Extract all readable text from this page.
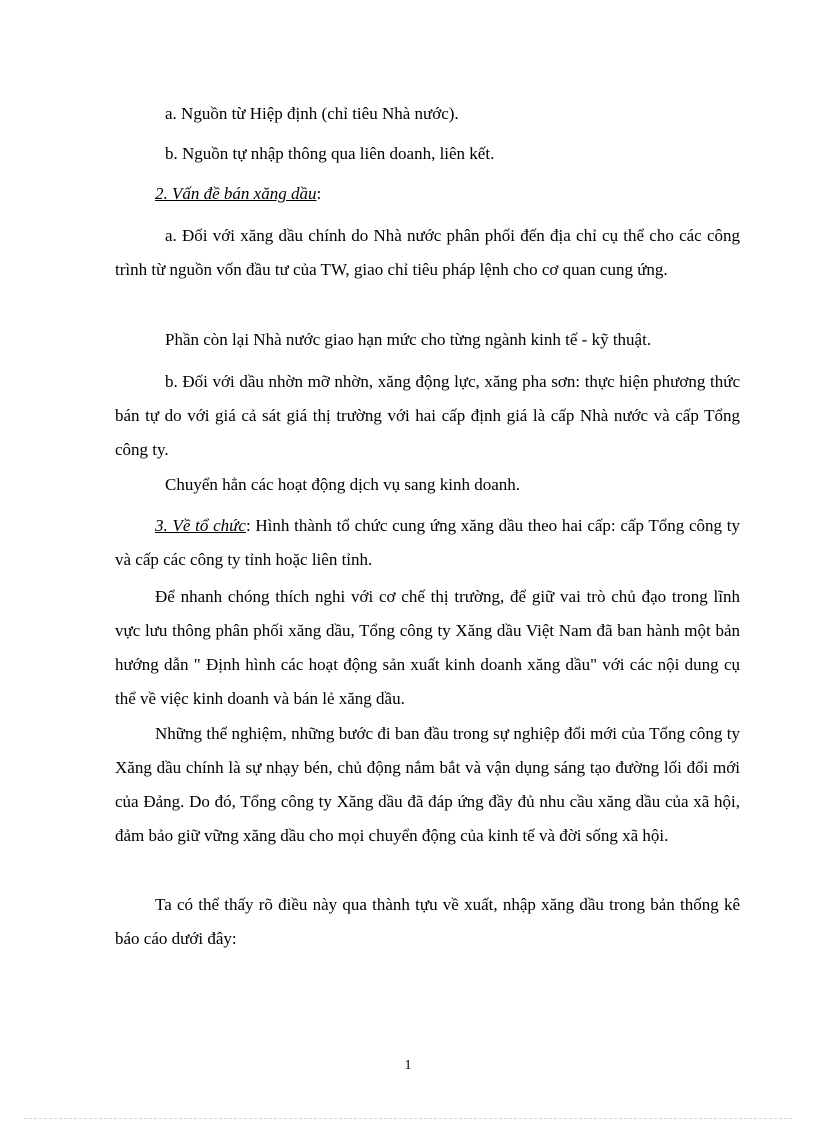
a. Nguồn từ Hiệp định (chỉ tiêu Nhà nước).

b. Nguồn tự nhập thông qua liên doanh, liên kết.

2. Vấn đề bán xăng dầu:

a. Đối với xăng dầu chính do Nhà nước phân phối đến địa chỉ cụ thể cho các công trình từ nguồn vốn đầu tư của TW, giao chỉ tiêu pháp lệnh cho cơ quan cung ứng.

Phần còn lại Nhà nước giao hạn mức cho từng ngành kinh tế - kỹ thuật.

b. Đối với dầu nhờn mỡ nhờn, xăng động lực, xăng pha sơn: thực hiện phương thức bán tự do với giá cả sát giá thị trường với hai cấp định giá là cấp Nhà nước và cấp Tổng công ty.

Chuyển hẳn các hoạt động dịch vụ sang kinh doanh.

3. Về tổ chức: Hình thành tổ chức cung ứng xăng dầu theo hai cấp: cấp Tổng công ty và cấp các công ty tỉnh hoặc liên tỉnh.

Để nhanh chóng thích nghi với cơ chế thị trường, để giữ vai trò chủ đạo trong lĩnh vực lưu thông phân phối xăng dầu, Tổng công ty Xăng dầu Việt Nam đã ban hành một bản hướng dẫn " Định hình các hoạt động sản xuất kinh doanh xăng dầu" với các nội dung cụ thể về việc kinh doanh và bán lẻ xăng dầu.

Những thể nghiệm, những bước đi ban đầu trong sự nghiệp đổi mới của Tổng công ty Xăng dầu chính là sự nhạy bén, chủ động nắm bắt và vận dụng sáng tạo đường lối đổi mới của Đảng. Do đó, Tổng công ty Xăng dầu đã đáp ứng đầy đủ nhu cầu xăng dầu của xã hội, đảm bảo giữ vững xăng dầu cho mọi chuyển động của kinh tế và đời sống xã hội.

Ta có thể thấy rõ điều này qua thành tựu về xuất, nhập xăng dầu trong bản thống kê báo cáo dưới đây:

1
